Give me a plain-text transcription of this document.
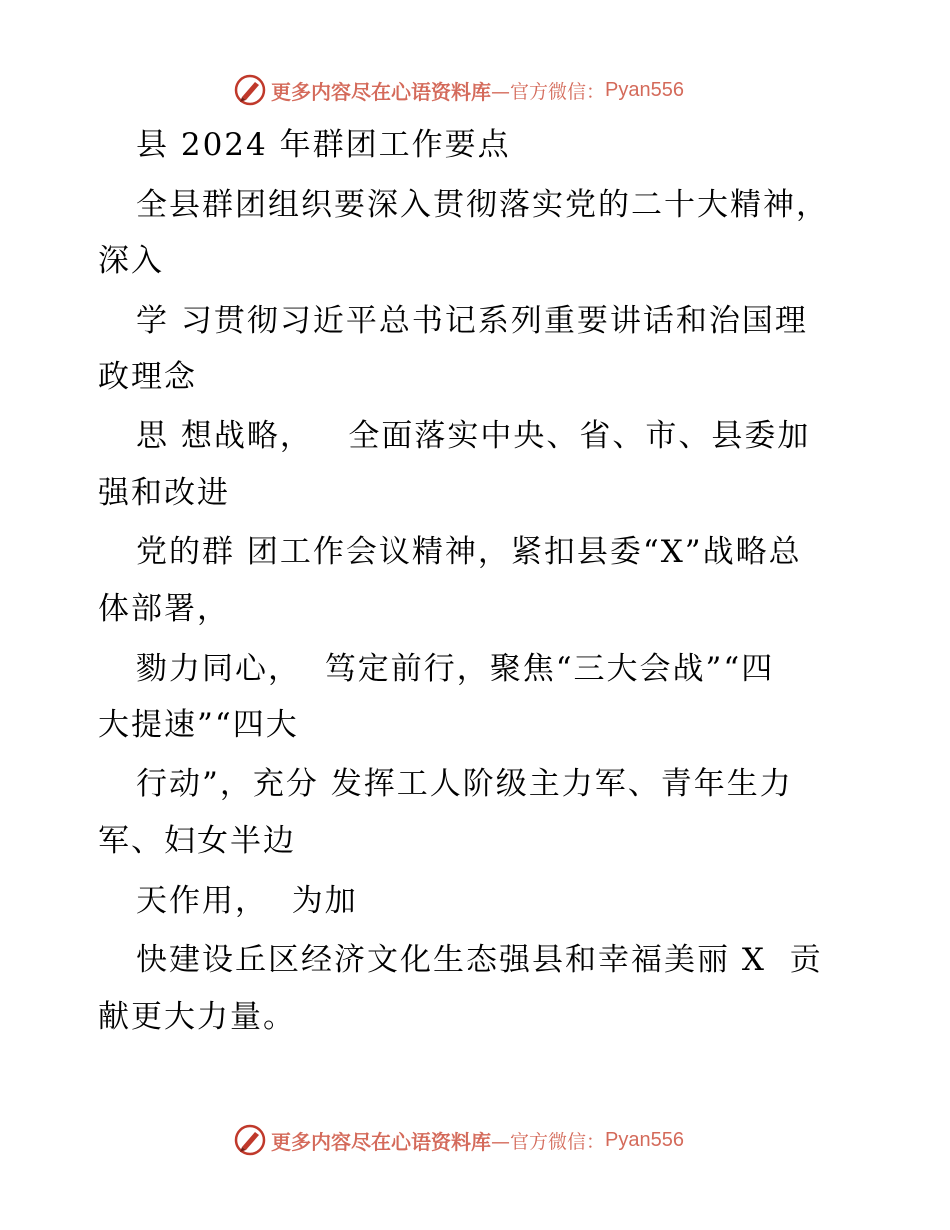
更多内容尽在心语资料库 —官方微信： Pyan556
县 2024 年群团工作要点
全县群团组织要深入贯彻落实党的二十大精神，
深入
学 习贯彻习近平总书记系列重要讲话和治国理
政理念
思 想战略，   全面落实中央、省、市、县委加
强和改进
党的群 团工作会议精神，紧扣县委“X”战略总
体部署，
勠力同心，  笃定前行，聚焦“三大会战”“四
大提速”“四大
行动”，充分 发挥工人阶级主力军、青年生力
军、妇女半边
天作用，  为加
快建设丘区经济文化生态强县和幸福美丽 X  贡
献更大力量。
更多内容尽在心语资料库 —官方微信： Pyan556
